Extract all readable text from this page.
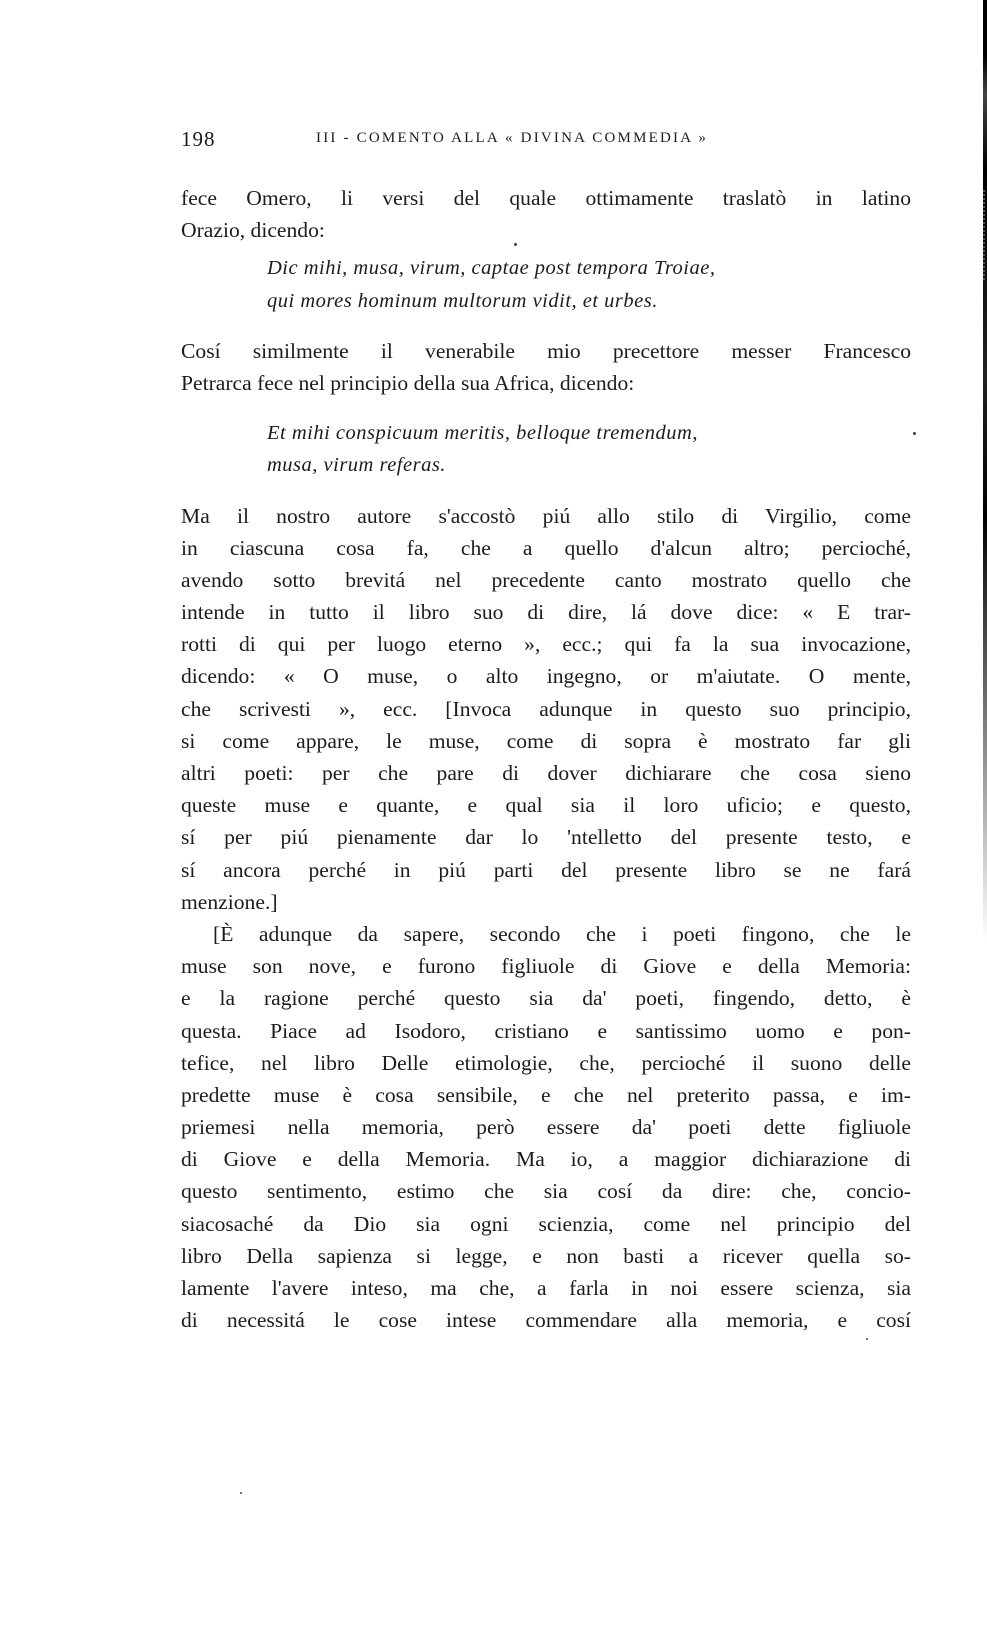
198	III - COMENTO ALLA « DIVINA COMMEDIA »
fece Omero, li versi del quale ottimamente traslatò in latino
Orazio, dicendo:
Dic mihi, musa, virum, captae post tempora Troiae,
qui mores hominum multorum vidit, et urbes.
Cosí similmente il venerabile mio precettore messer Francesco
Petrarca fece nel principio della sua Africa, dicendo:
Et mihi conspicuum meritis, belloque tremendum,
musa, virum referas.
Ma il nostro autore s'accostò piú allo stilo di Virgilio, come
in ciascuna cosa fa, che a quello d'alcun altro; percioché,
avendo sotto brevitá nel precedente canto mostrato quello che
intende in tutto il libro suo di dire, lá dove dice: « E trar-
rotti di qui per luogo eterno », ecc.; qui fa la sua invocazione,
dicendo: « O muse, o alto ingegno, or m'aiutate. O mente,
che scrivesti », ecc. [Invoca adunque in questo suo principio,
si come appare, le muse, come di sopra è mostrato far gli
altri poeti: per che pare di dover dichiarare che cosa sieno
queste muse e quante, e qual sia il loro uficio; e questo,
sí per piú pienamente dar lo 'ntelletto del presente testo, e
sí ancora perché in piú parti del presente libro se ne fará
menzione.]
[È adunque da sapere, secondo che i poeti fingono, che le
muse son nove, e furono figliuole di Giove e della Memoria:
e la ragione perché questo sia da' poeti, fingendo, detto, è
questa. Piace ad Isodoro, cristiano e santissimo uomo e pon-
tefice, nel libro Delle etimologie, che, percioché il suono delle
predette muse è cosa sensibile, e che nel preterito passa, e im-
priemesi nella memoria, però essere da' poeti dette figliuole
di Giove e della Memoria. Ma io, a maggior dichiarazione di
questo sentimento, estimo che sia cosí da dire: che, concio-
siacosaché da Dio sia ogni scienzia, come nel principio del
libro Della sapienza si legge, e non basti a ricever quella so-
lamente l'avere inteso, ma che, a farla in noi essere scienza, sia
di necessitá le cose intese commendare alla memoria, e cosí
